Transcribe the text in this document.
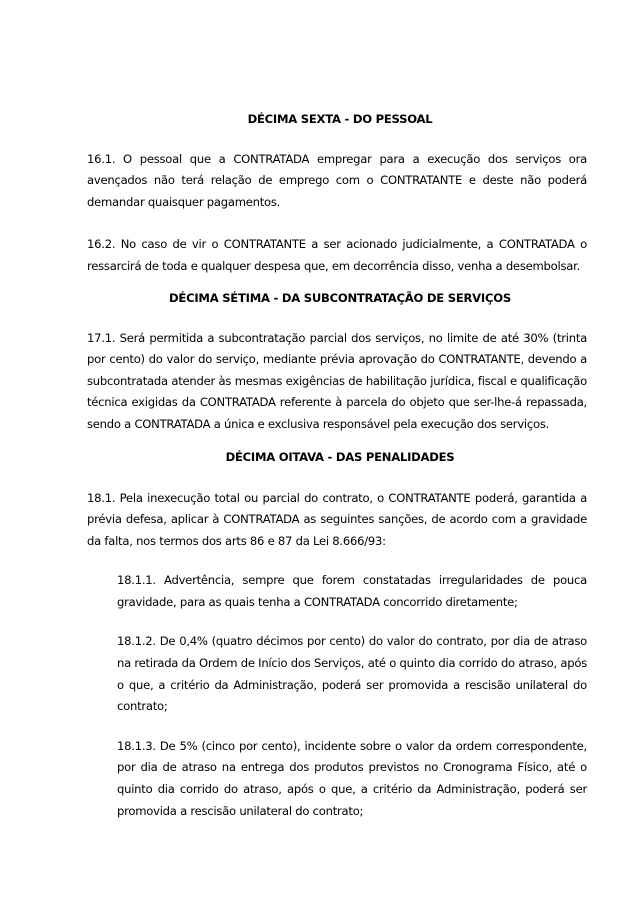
DÉCIMA SEXTA - DO PESSOAL

16.1. O pessoal que a CONTRATADA empregar para a execução dos serviços ora avençados não terá relação de emprego com o CONTRATANTE e deste não poderá demandar quaisquer pagamentos.

16.2. No caso de vir o CONTRATANTE a ser acionado judicialmente, a CONTRATADA o ressarcirá de toda e qualquer despesa que, em decorrência disso, venha a desembolsar.

DÉCIMA SÉTIMA - DA SUBCONTRATAÇÃO DE SERVIÇOS

17.1. Será permitida a subcontratação parcial dos serviços, no limite de até 30% (trinta por cento) do valor do serviço, mediante prévia aprovação do CONTRATANTE, devendo a subcontratada atender às mesmas exigências de habilitação jurídica, fiscal e qualificação técnica exigidas da CONTRATADA referente à parcela do objeto que ser-lhe-á repassada, sendo a CONTRATADA a única e exclusiva responsável pela execução dos serviços.

DÉCIMA OITAVA - DAS PENALIDADES

18.1. Pela inexecução total ou parcial do contrato, o CONTRATANTE poderá, garantida a prévia defesa, aplicar à CONTRATADA as seguintes sanções, de acordo com a gravidade da falta, nos termos dos arts 86 e 87 da Lei 8.666/93:

18.1.1. Advertência, sempre que forem constatadas irregularidades de pouca gravidade, para as quais tenha a CONTRATADA concorrido diretamente;

18.1.2. De 0,4% (quatro décimos por cento) do valor do contrato, por dia de atraso na retirada da Ordem de Início dos Serviços, até o quinto dia corrido do atraso, após o que, a critério da Administração, poderá ser promovida a rescisão unilateral do contrato;

18.1.3. De 5% (cinco por cento), incidente sobre o valor da ordem correspondente, por dia de atraso na entrega dos produtos previstos no Cronograma Físico, até o quinto dia corrido do atraso, após o que, a critério da Administração, poderá ser promovida a rescisão unilateral do contrato;
